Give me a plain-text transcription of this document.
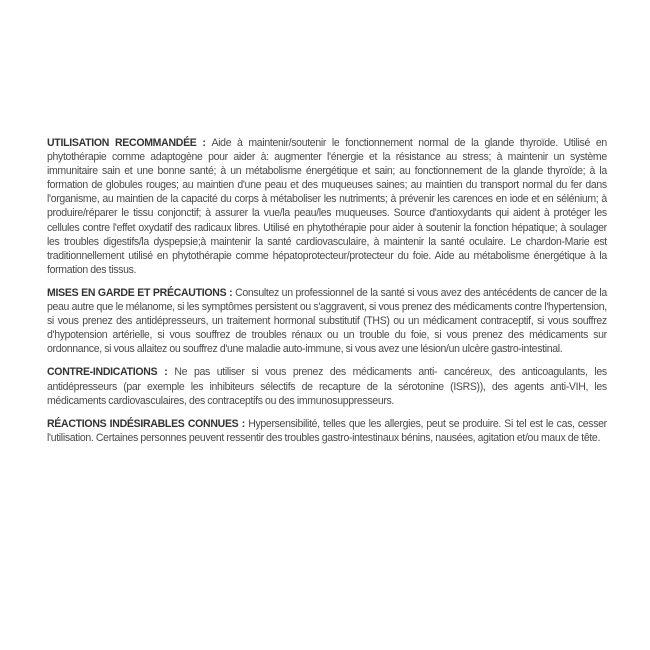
UTILISATION RECOMMANDÉE : Aide à maintenir/soutenir le fonctionnement normal de la glande thyroïde. Utilisé en phytothérapie comme adaptogène pour aider à: augmenter l'énergie et la résistance au stress; à maintenir un système immunitaire sain et une bonne santé; à un métabolisme énergétique et sain; au fonctionnement de la glande thyroïde; à la formation de globules rouges; au maintien d'une peau et des muqueuses saines; au maintien du transport normal du fer dans l'organisme, au maintien de la capacité du corps à métaboliser les nutriments; à prévenir les carences en iode et en sélénium; à produire/réparer le tissu conjonctif; à assurer la vue/la peau/les muqueuses. Source d'antioxydants qui aident à protéger les cellules contre l'effet oxydatif des radicaux libres. Utilisé en phytothérapie pour aider à soutenir la fonction hépatique; à soulager les troubles digestifs/la dyspepsie;à maintenir la santé cardiovasculaire, à maintenir la santé oculaire. Le chardon-Marie est traditionnellement utilisé en phytothérapie comme hépatoprotecteur/protecteur du foie. Aide au métabolisme énergétique à la formation des tissus.

MISES EN GARDE ET PRÉCAUTIONS : Consultez un professionnel de la santé si vous avez des antécédents de cancer de la peau autre que le mélanome, si les symptômes persistent ou s'aggravent, si vous prenez des médicaments contre l'hypertension, si vous prenez des antidépresseurs, un traitement hormonal substitutif (THS) ou un médicament contraceptif, si vous souffrez d'hypotension artérielle, si vous souffrez de troubles rénaux ou un trouble du foie, si vous prenez des médicaments sur ordonnance, si vous allaitez ou souffrez d'une maladie auto-immune, si vous avez une lésion/un ulcère gastro-intestinal.

CONTRE-INDICATIONS : Ne pas utiliser si vous prenez des médicaments anti- cancéreux, des anticoagulants, les antidépresseurs (par exemple les inhibiteurs sélectifs de recapture de la sérotonine (ISRS)), des agents anti-VIH, les médicaments cardiovasculaires, des contraceptifs ou des immunosuppresseurs.

RÉACTIONS INDÉSIRABLES CONNUES : Hypersensibilité, telles que les allergies, peut se produire. Si tel est le cas, cesser l'utilisation. Certaines personnes peuvent ressentir des troubles gastro-intestinaux bénins, nausées, agitation et/ou maux de tête.
